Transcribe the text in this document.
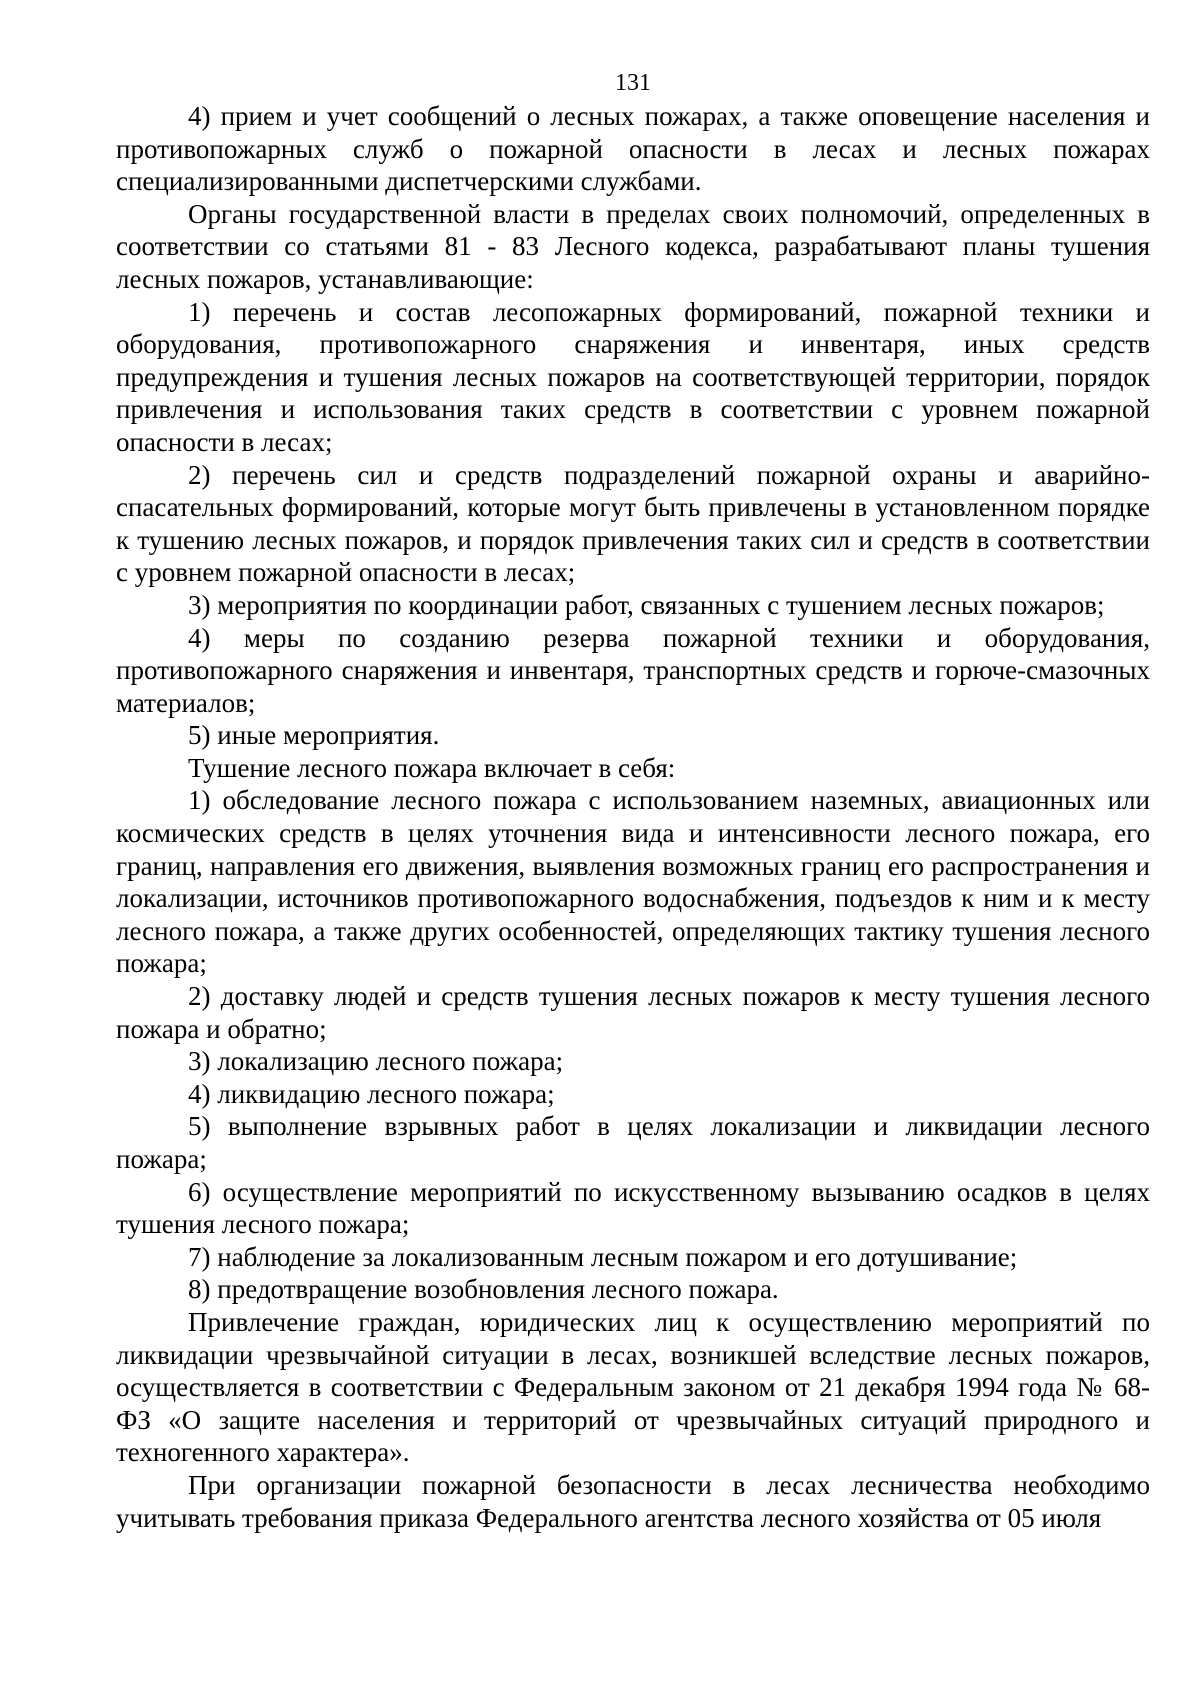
131

4) прием и учет сообщений о лесных пожарах, а также оповещение населения и противопожарных служб о пожарной опасности в лесах и лесных пожарах специализированными диспетчерскими службами.

Органы государственной власти в пределах своих полномочий, определенных в соответствии со статьями 81 - 83 Лесного кодекса, разрабатывают планы тушения лесных пожаров, устанавливающие:

1) перечень и состав лесопожарных формирований, пожарной техники и оборудования, противопожарного снаряжения и инвентаря, иных средств предупреждения и тушения лесных пожаров на соответствующей территории, порядок привлечения и использования таких средств в соответствии с уровнем пожарной опасности в лесах;

2) перечень сил и средств подразделений пожарной охраны и аварийно-спасательных формирований, которые могут быть привлечены в установленном порядке к тушению лесных пожаров, и порядок привлечения таких сил и средств в соответствии с уровнем пожарной опасности в лесах;

3) мероприятия по координации работ, связанных с тушением лесных пожаров;

4) меры по созданию резерва пожарной техники и оборудования, противопожарного снаряжения и инвентаря, транспортных средств и горюче-смазочных материалов;

5) иные мероприятия.

Тушение лесного пожара включает в себя:

1) обследование лесного пожара с использованием наземных, авиационных или космических средств в целях уточнения вида и интенсивности лесного пожара, его границ, направления его движения, выявления возможных границ его распространения и локализации, источников противопожарного водоснабжения, подъездов к ним и к месту лесного пожара, а также других особенностей, определяющих тактику тушения лесного пожара;

2) доставку людей и средств тушения лесных пожаров к месту тушения лесного пожара и обратно;

3) локализацию лесного пожара;

4) ликвидацию лесного пожара;

5) выполнение взрывных работ в целях локализации и ликвидации лесного пожара;

6) осуществление мероприятий по искусственному вызыванию осадков в целях тушения лесного пожара;

7) наблюдение за локализованным лесным пожаром и его дотушивание;

8) предотвращение возобновления лесного пожара.

Привлечение граждан, юридических лиц к осуществлению мероприятий по ликвидации чрезвычайной ситуации в лесах, возникшей вследствие лесных пожаров, осуществляется в соответствии с Федеральным законом от 21 декабря 1994 года № 68-ФЗ «О защите населения и территорий от чрезвычайных ситуаций природного и техногенного характера».

При организации пожарной безопасности в лесах лесничества необходимо учитывать требования приказа Федерального агентства лесного хозяйства от 05 июля
